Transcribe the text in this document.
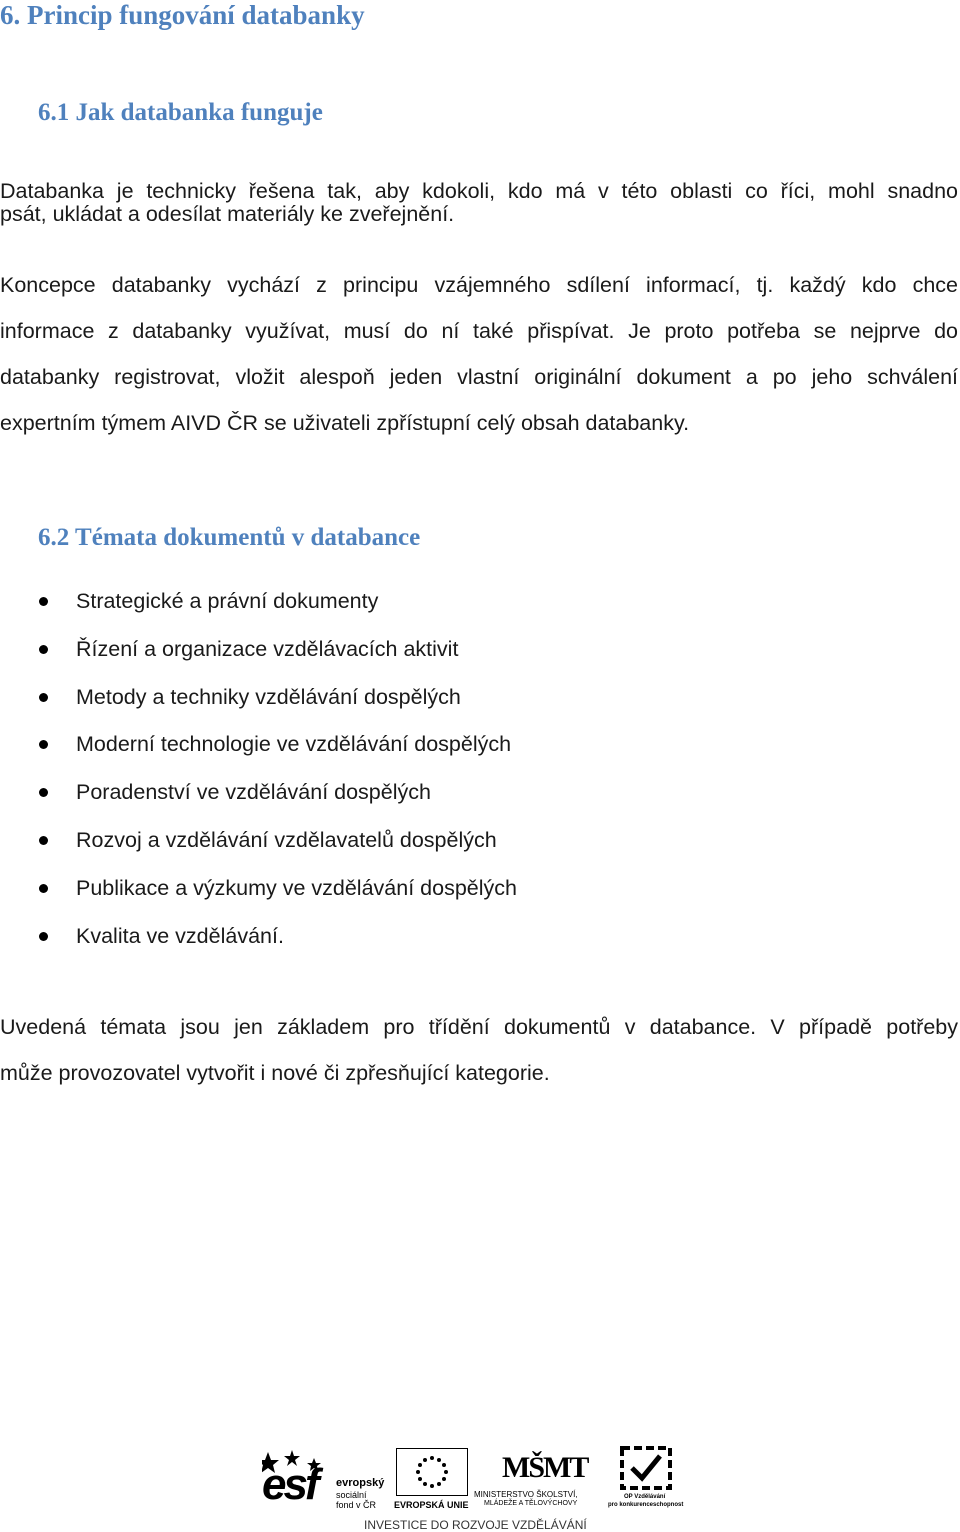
6. Princip fungování databanky
6.1 Jak databanka funguje
Databanka je technicky řešena tak, aby kdokoli, kdo má v této oblasti co říci, mohl snadno
psát, ukládat a odesílat materiály ke zveřejnění.
Koncepce databanky vychází z principu vzájemného sdílení informací, tj. každý kdo chce
informace z databanky využívat, musí do ní také přispívat. Je proto potřeba se nejprve do
databanky registrovat, vložit alespoň jeden vlastní originální dokument a po jeho schválení
expertním týmem AIVD ČR se uživateli zpřístupní celý obsah databanky.
6.2 Témata dokumentů v databance
Strategické a právní dokumenty
Řízení a organizace vzdělávacích aktivit
Metody a techniky vzdělávání dospělých
Moderní technologie ve vzdělávání dospělých
Poradenství ve vzdělávání dospělých
Rozvoj a vzdělávání vzdělavatelů dospělých
Publikace a výzkumy ve vzdělávání dospělých
Kvalita ve vzdělávání.
Uvedená témata jsou jen základem pro třídění dokumentů v databance. V případě potřeby
může provozovatel vytvořit i nové či zpřesňující kategorie.
esf evropský
sociální
fond v ČR EVROPSKÁ UNIE
MŠMT
MINISTERSTVO ŠKOLSTVÍ,
MLÁDEŽE A TĚLOVÝCHOVY
OP Vzdělávání
pro konkurenceschopnost
INVESTICE DO ROZVOJE VZDĚLÁVÁNÍ
